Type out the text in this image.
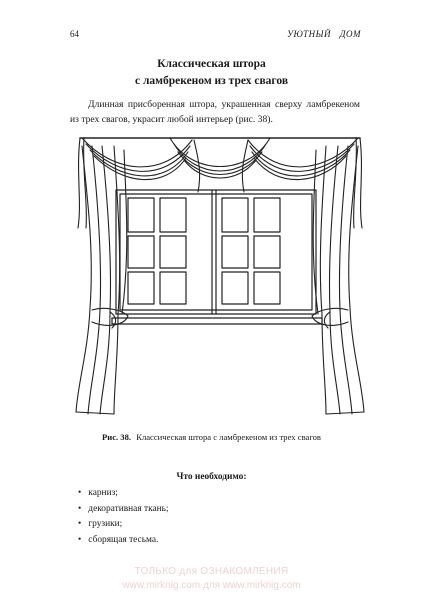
64	УЮТНЫЙ ДОМ
Классическая штора
с ламбрекеном из трех свагов
Длинная присборенная штора, украшенная сверху ламбрекеном из трех свагов, украсит любой интерьер (рис. 38).
Рис. 38. Классическая штора с ламбрекеном из трех свагов
Что необходимо:
• карниз;
• декоративная ткань;
• грузики;
• сборящая тесьма.
ТОЛЬКО для ОЗНАКОМЛЕНИЯ
www.mirknig.com для www.mirknig.com
